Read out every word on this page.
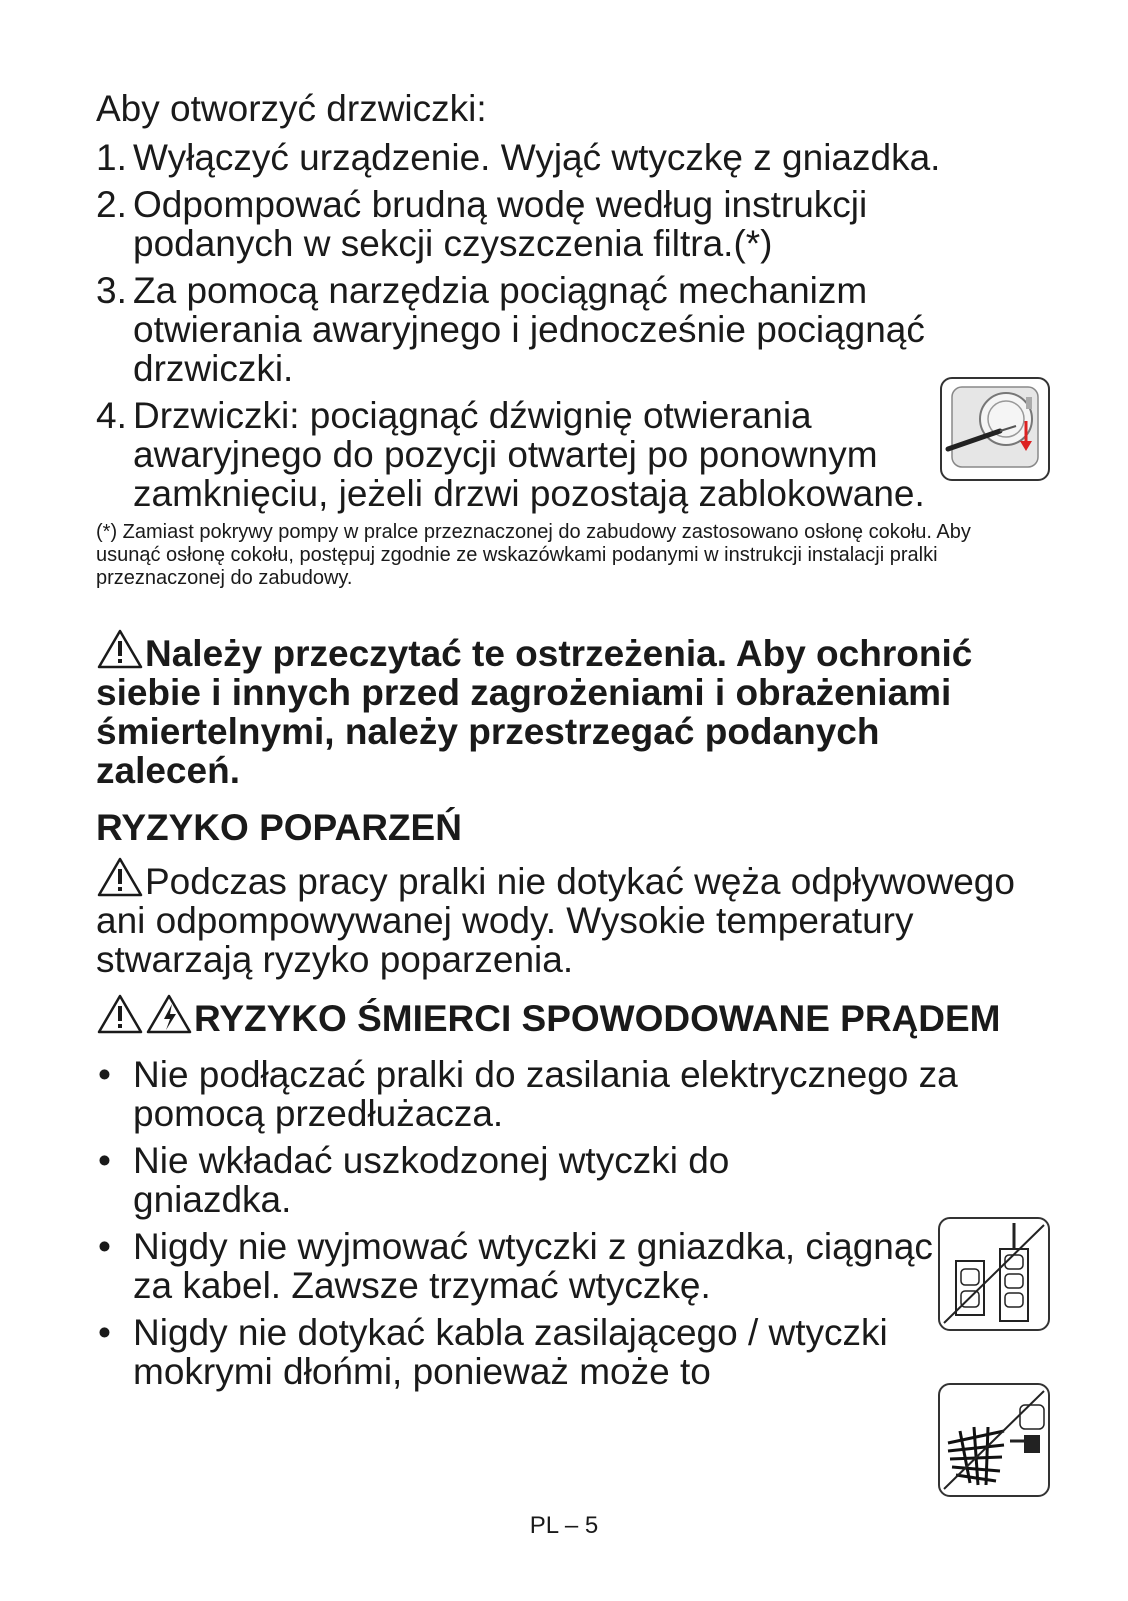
Aby otworzyć drzwiczki:

1. Wyłączyć urządzenie. Wyjąć wtyczkę z gniazdka.
2. Odpompować brudną wodę według instrukcji podanych w sekcji czyszczenia filtra.(*)
3. Za pomocą narzędzia pociągnąć mechanizm otwierania awaryjnego i jednocześnie pociągnąć drzwiczki.
4. Drzwiczki: pociągnąć dźwignię otwierania awaryjnego do pozycji otwartej po ponownym zamknięciu, jeżeli drzwi pozostają zablokowane.
(*) Zamiast pokrywy pompy w pralce przeznaczonej do zabudowy zastosowano osłonę cokołu. Aby usunąć osłonę cokołu, postępuj zgodnie ze wskazówkami podanymi w instrukcji instalacji pralki przeznaczonej do zabudowy.
Należy przeczytać te ostrzeżenia. Aby ochronić siebie i innych przed zagrożeniami i obrażeniami śmiertelnymi, należy przestrzegać podanych zaleceń.
RYZYKO POPARZEŃ

Podczas pracy pralki nie dotykać węża odpływowego ani odpompowywanej wody. Wysokie temperatury stwarzają ryzyko poparzenia.

RYZYKO ŚMIERCI SPOWODOWANE PRĄDEM
• Nie podłączać pralki do zasilania elektrycznego za pomocą przedłużacza.
• Nie wkładać uszkodzonej wtyczki do gniazdka.
• Nigdy nie wyjmować wtyczki z gniazdka, ciągnąc za kabel. Zawsze trzymać wtyczkę.
• Nigdy nie dotykać kabla zasilającego / wtyczki mokrymi dłońmi, ponieważ może to
PL – 5
